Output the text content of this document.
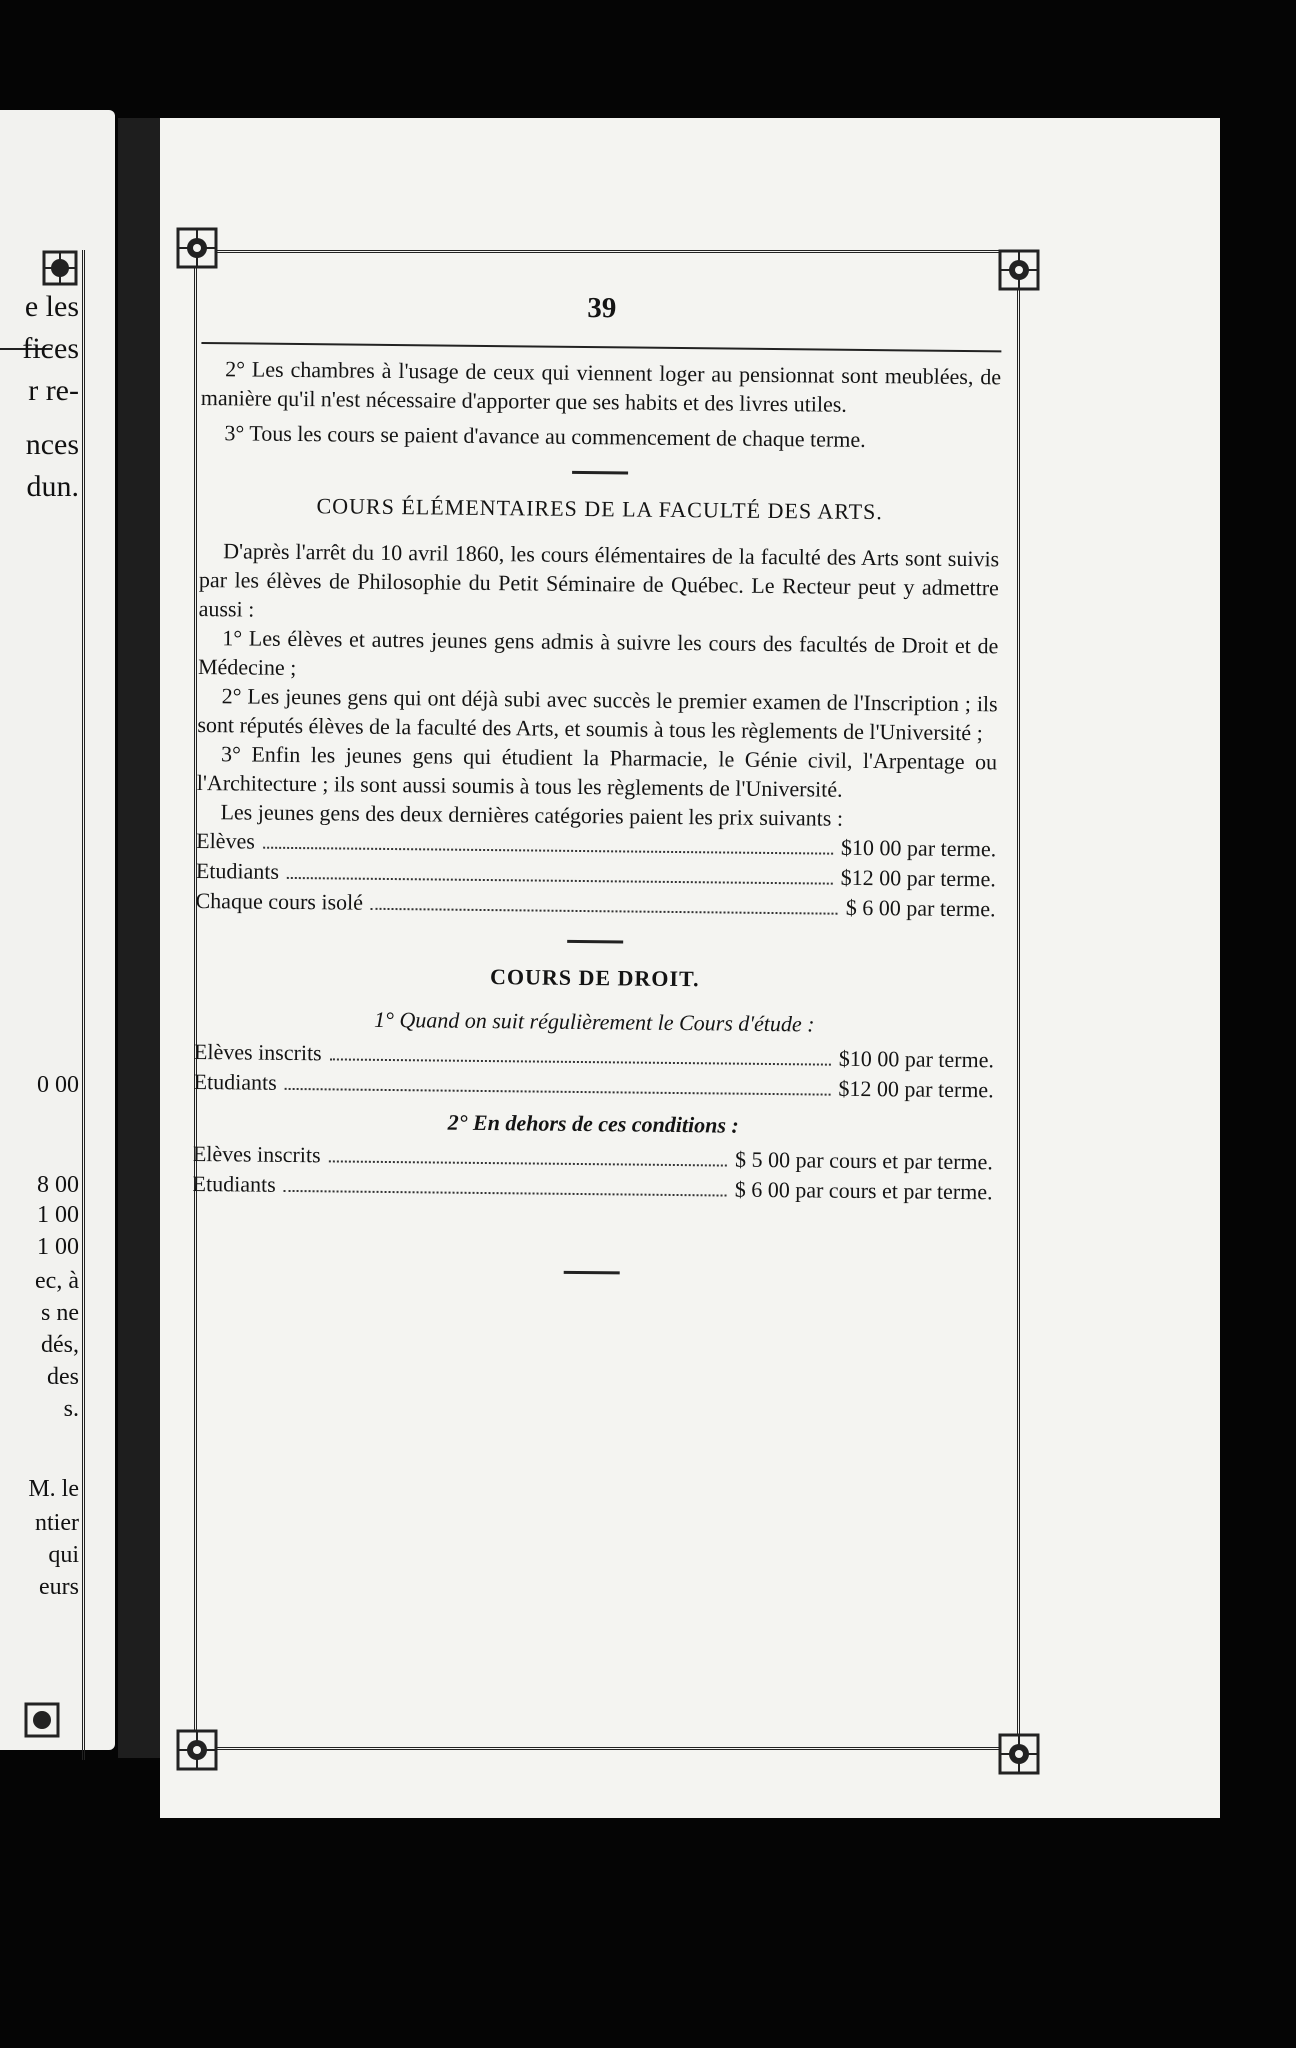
e les
fices
r re-
nces
dun.
0 00
8 00
1 00
1 00
ec, à
s ne
dés,
des
s.
M. le
ntier
qui
eurs
39

2° Les chambres à l'usage de ceux qui viennent loger au pensionnat sont meublées, de manière qu'il n'est nécessaire d'apporter que ses habits et des livres utiles.

3° Tous les cours se paient d'avance au commencement de chaque terme.

COURS ÉLÉMENTAIRES DE LA FACULTÉ DES ARTS.

D'après l'arrêt du 10 avril 1860, les cours élémentaires de la faculté des Arts sont suivis par les élèves de Philosophie du Petit Séminaire de Québec. Le Recteur peut y admettre aussi :

1° Les élèves et autres jeunes gens admis à suivre les cours des facultés de Droit et de Médecine ;

2° Les jeunes gens qui ont déjà subi avec succès le premier examen de l'Inscription ; ils sont réputés élèves de la faculté des Arts, et soumis à tous les règlements de l'Université ;

3° Enfin les jeunes gens qui étudient la Pharmacie, le Génie civil, l'Arpentage ou l'Architecture ; ils sont aussi soumis à tous les règlements de l'Université.

Les jeunes gens des deux dernières catégories paient les prix suivants :

Elèves	$10 00 par terme.
Etudiants	$12 00 par terme.
Chaque cours isolé	$ 6 00 par terme.
COURS DE DROIT.
1° Quand on suit régulièrement le Cours d'étude :
Elèves inscrits	$10 00 par terme.
Etudiants	$12 00 par terme.
2° En dehors de ces conditions :
Elèves inscrits	$ 5 00 par cours et par terme.
Etudiants	$ 6 00 par cours et par terme.
